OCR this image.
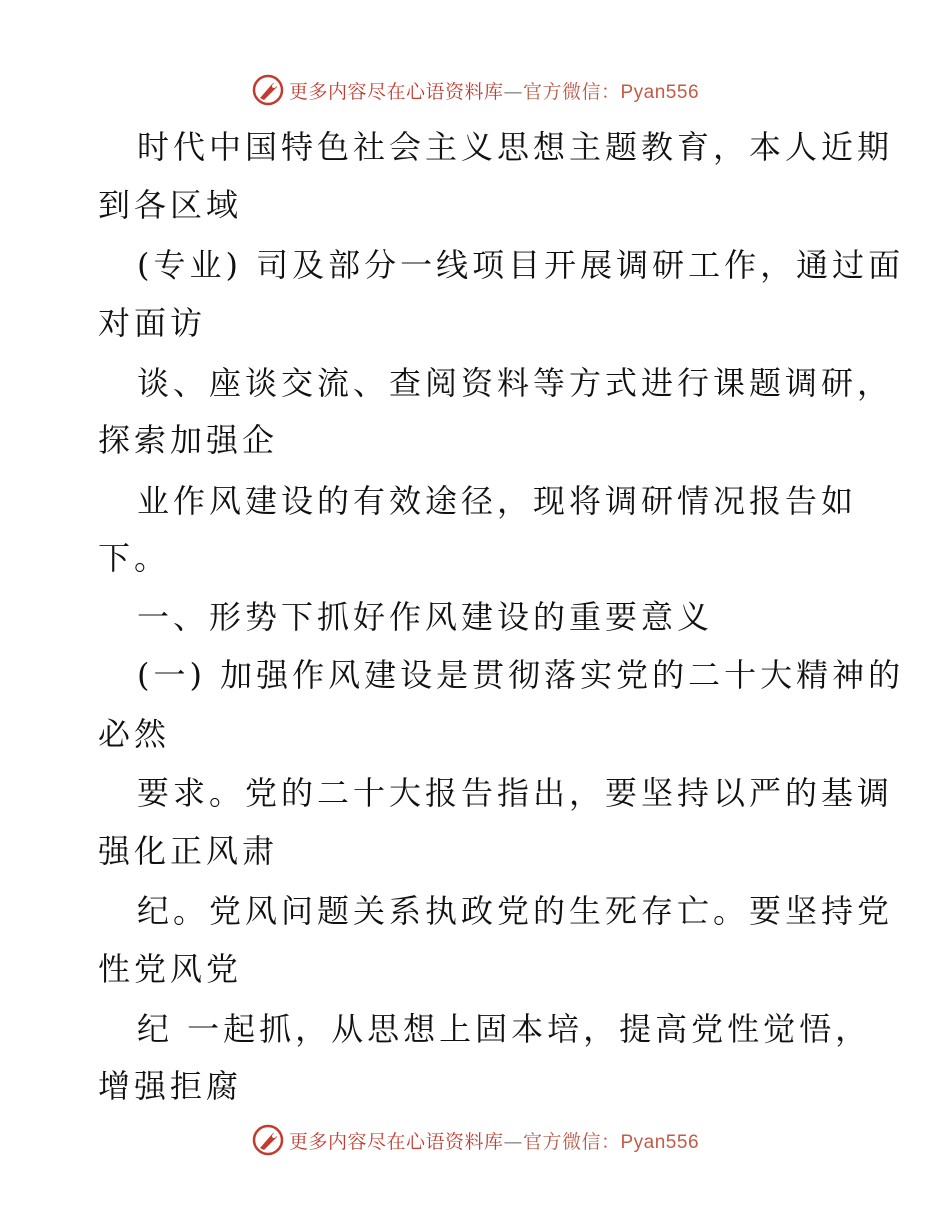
更多内容尽在心语资料库—官方微信：Pyan556
时代中国特色社会主义思想主题教育，本人近期
到各区域
(专业) 司及部分一线项目开展调研工作，通过面
对面访
谈、座谈交流、查阅资料等方式进行课题调研，
探索加强企
业作风建设的有效途径，现将调研情况报告如
下。
一、形势下抓好作风建设的重要意义
(一) 加强作风建设是贯彻落实党的二十大精神的
必然
要求。党的二十大报告指出，要坚持以严的基调
强化正风肃
纪。党风问题关系执政党的生死存亡。要坚持党
性党风党
纪 一起抓，从思想上固本培，提高党性觉悟，
增强拒腐
更多内容尽在心语资料库—官方微信：Pyan556
